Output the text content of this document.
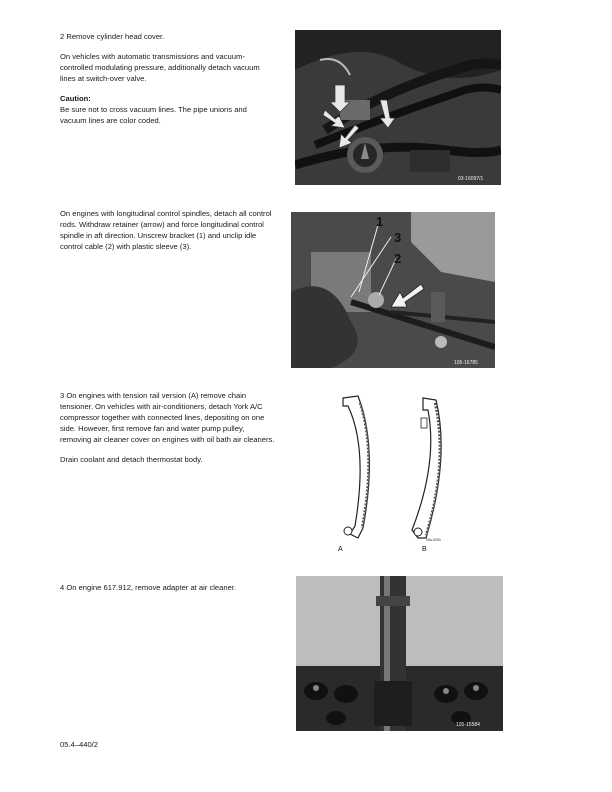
2 Remove cylinder head cover.

On vehicles with automatic transmissions and vacuum-controlled modulating pressure, additionally detach vacuum lines at switch-over valve.

Caution:
Be sure not to cross vacuum lines. The pipe unions and vacuum lines are color coded.

03-16097/1

On engines with longitudinal control spindles, detach all control rods. Withdraw retainer (arrow) and force longitudinal control spindle in aft direction. Unscrew bracket (1) and unclip idle control cable (2) with plastic sleeve (3).

1
3
2
105-16785

3 On engines with tension rail version (A) remove chain tensioner. On vehicles with air-conditioners, detach York A/C compressor together with connected lines, depositing on one side. However, first remove fan and water pump pulley, removing air cleaner cover on engines with oil bath air cleaners.

Drain coolant and detach thermostat body.

A	B
05a-9250

4 On engine 617.912, remove adapter at air cleaner.

105-15584
05.4–440/2
